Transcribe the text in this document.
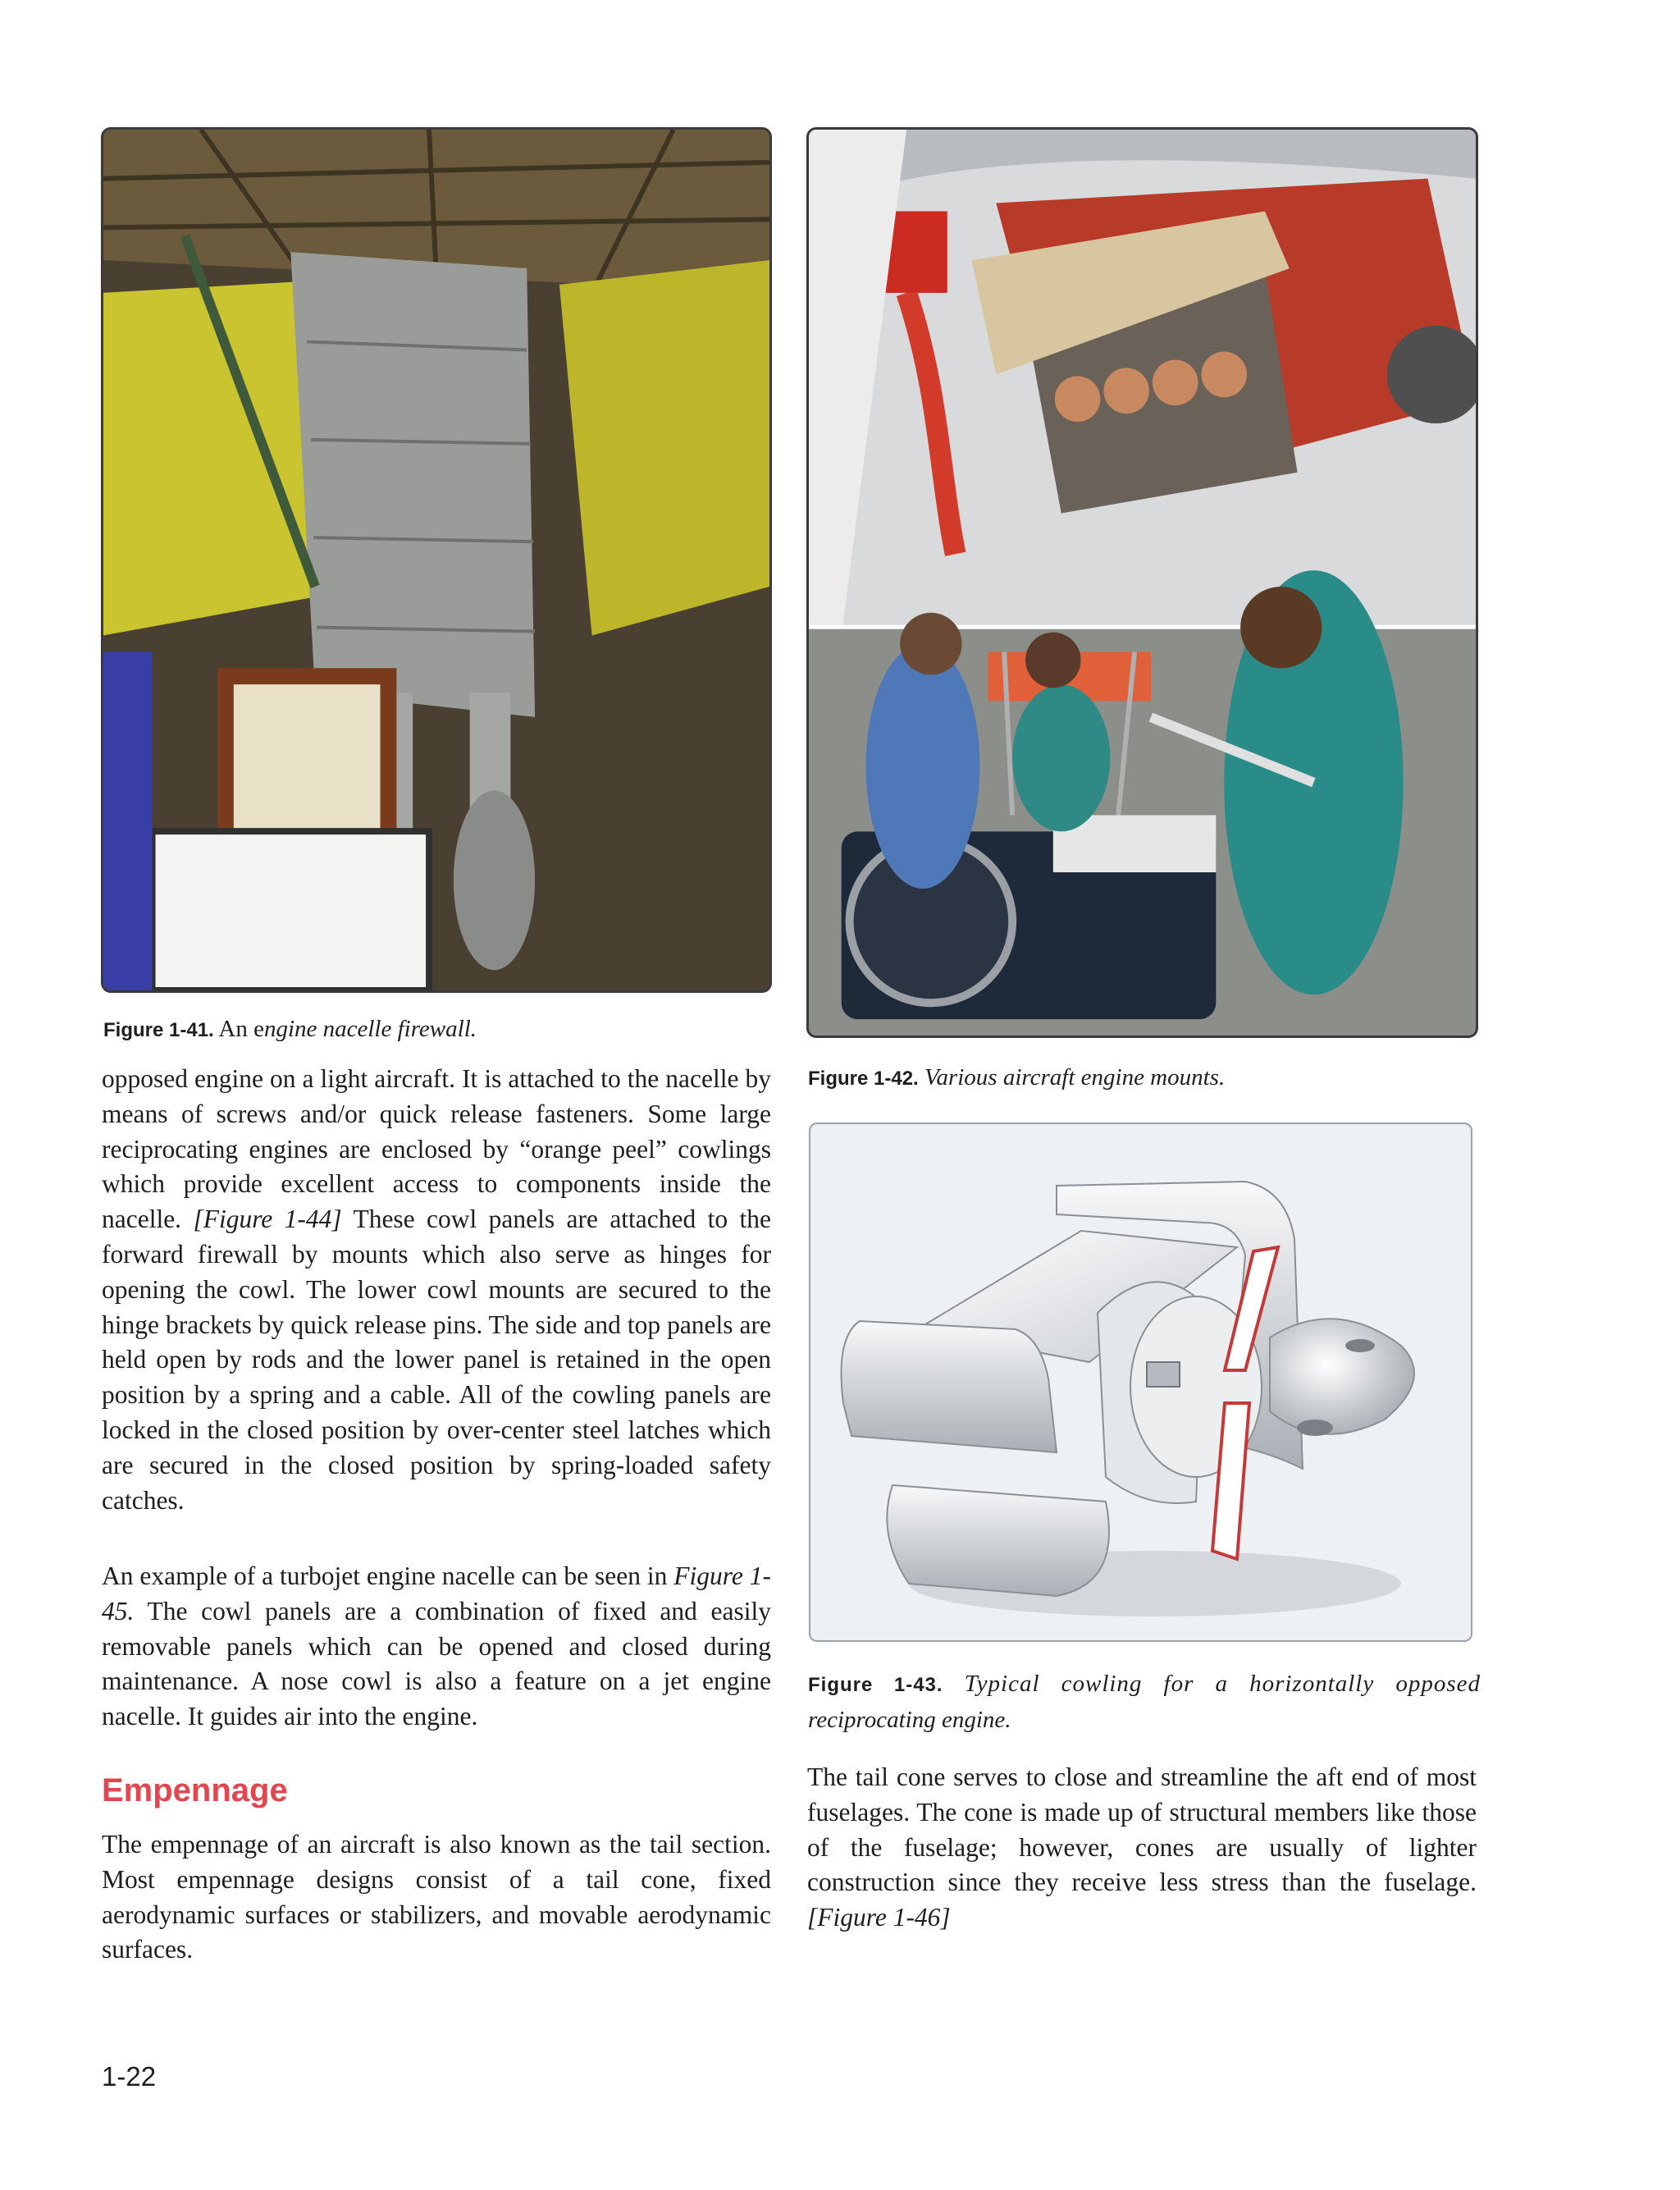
Figure 1-41. An engine nacelle firewall.
Figure 1-42. Various aircraft engine mounts.
Figure 1-43. Typical cowling for a horizontally opposed
reciprocating engine.

opposed engine on a light aircraft. It is attached to the nacelle by means of screws and/or quick release fasteners. Some large reciprocating engines are enclosed by “orange peel” cowlings which provide excellent access to components inside the nacelle. [Figure 1-44] These cowl panels are attached to the forward firewall by mounts which also serve as hinges for opening the cowl. The lower cowl mounts are secured to the hinge brackets by quick release pins. The side and top panels are held open by rods and the lower panel is retained in the open position by a spring and a cable. All of the cowling panels are locked in the closed position by over-center steel latches which are secured in the closed position by spring-loaded safety catches.

An example of a turbojet engine nacelle can be seen in Figure 1-45. The cowl panels are a combination of fixed and easily removable panels which can be opened and closed during maintenance. A nose cowl is also a feature on a jet engine nacelle. It guides air into the engine.

Empennage

The empennage of an aircraft is also known as the tail section. Most empennage designs consist of a tail cone, fixed aerodynamic surfaces or stabilizers, and movable aerodynamic surfaces.

The tail cone serves to close and streamline the aft end of most fuselages. The cone is made up of structural members like those of the fuselage; however, cones are usually of lighter construction since they receive less stress than the fuselage. [Figure 1-46]

1-22
